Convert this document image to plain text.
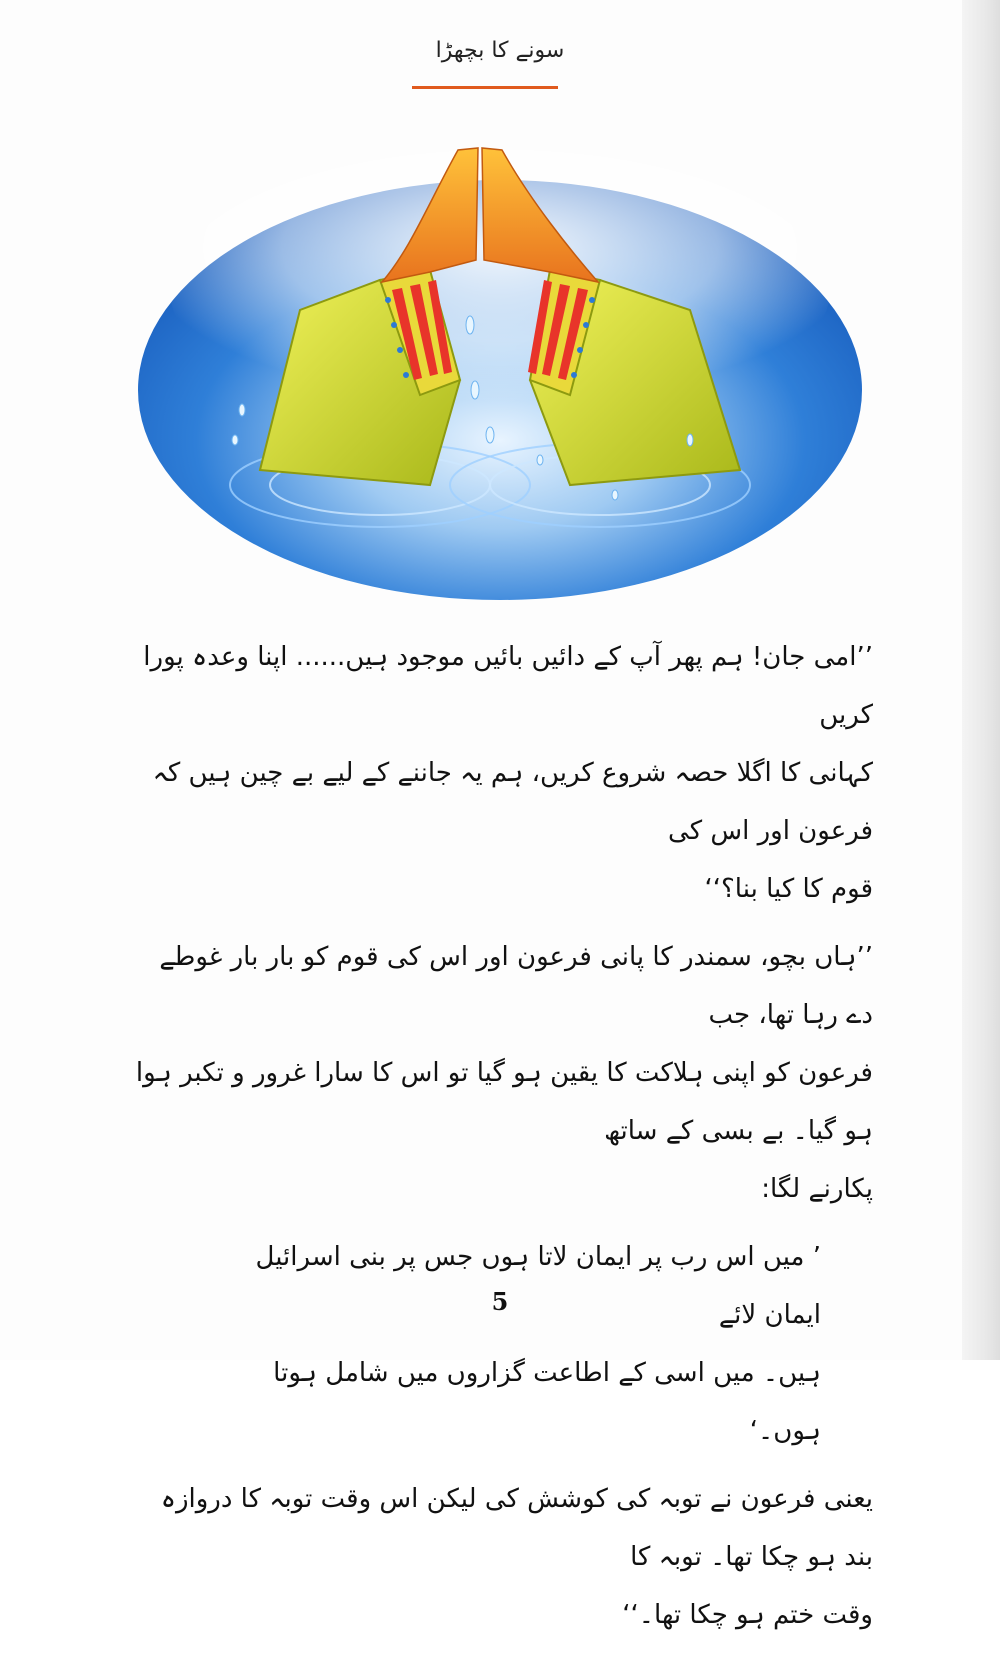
سونے کا بچھڑا

’’امی جان! ہم پھر آپ کے دائیں بائیں موجود ہیں...... اپنا وعدہ پورا کریں

کہانی کا اگلا حصہ شروع کریں، ہم یہ جاننے کے لیے بے چین ہیں کہ فرعون اور اس کی

قوم کا کیا بنا؟‘‘

’’ہاں بچو، سمندر کا پانی فرعون اور اس کی قوم کو بار بار غوطے دے رہا تھا، جب

فرعون کو اپنی ہلاکت کا یقین ہو گیا تو اس کا سارا غرور و تکبر ہوا ہو گیا۔ بے بسی کے ساتھ

پکارنے لگا:

’ میں اس رب پر ایمان لاتا ہوں جس پر بنی اسرائیل ایمان لائے

ہیں۔ میں اسی کے اطاعت گزاروں میں شامل ہوتا ہوں۔‘

یعنی فرعون نے توبہ کی کوشش کی لیکن اس وقت توبہ کا دروازہ بند ہو چکا تھا۔ توبہ کا

وقت ختم ہو چکا تھا۔‘‘

5
